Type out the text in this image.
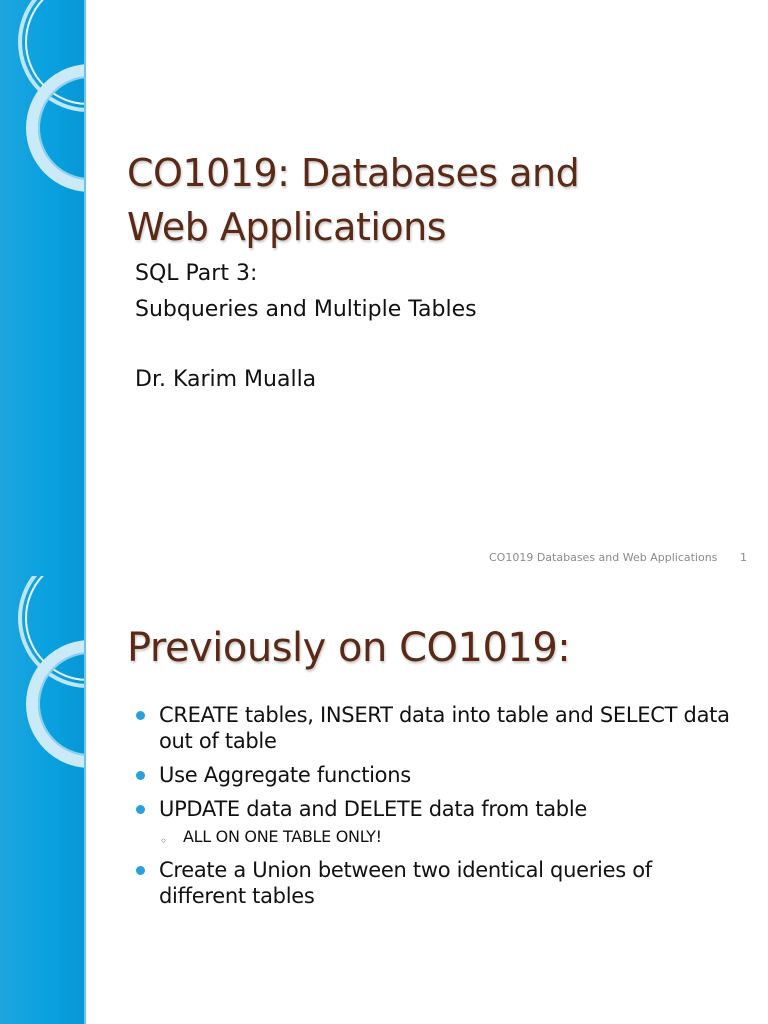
CO1019: Databases and
Web Applications

SQL Part 3:

Subqueries and Multiple Tables

Dr. Karim Mualla

CO1019 Databases and Web Applications 1
Previously on CO1019:
CREATE tables, INSERT data into table and SELECT data out of table
Use Aggregate functions
UPDATE data and DELETE data from table
◦ ALL ON ONE TABLE ONLY!
Create a Union between two identical queries of different tables
